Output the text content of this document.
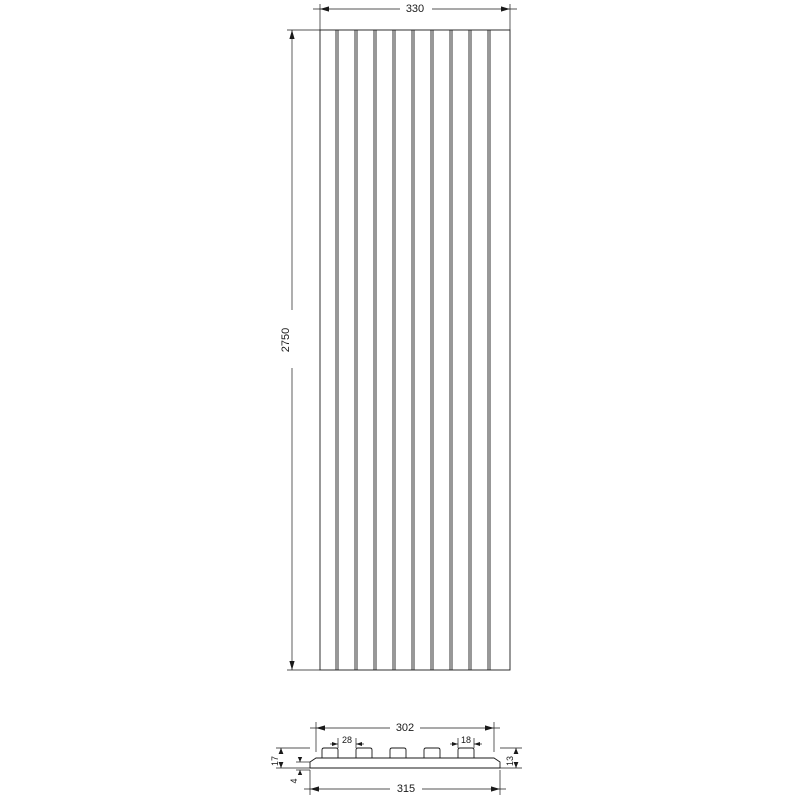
330
2750
302
28	18
17
4
13
315
